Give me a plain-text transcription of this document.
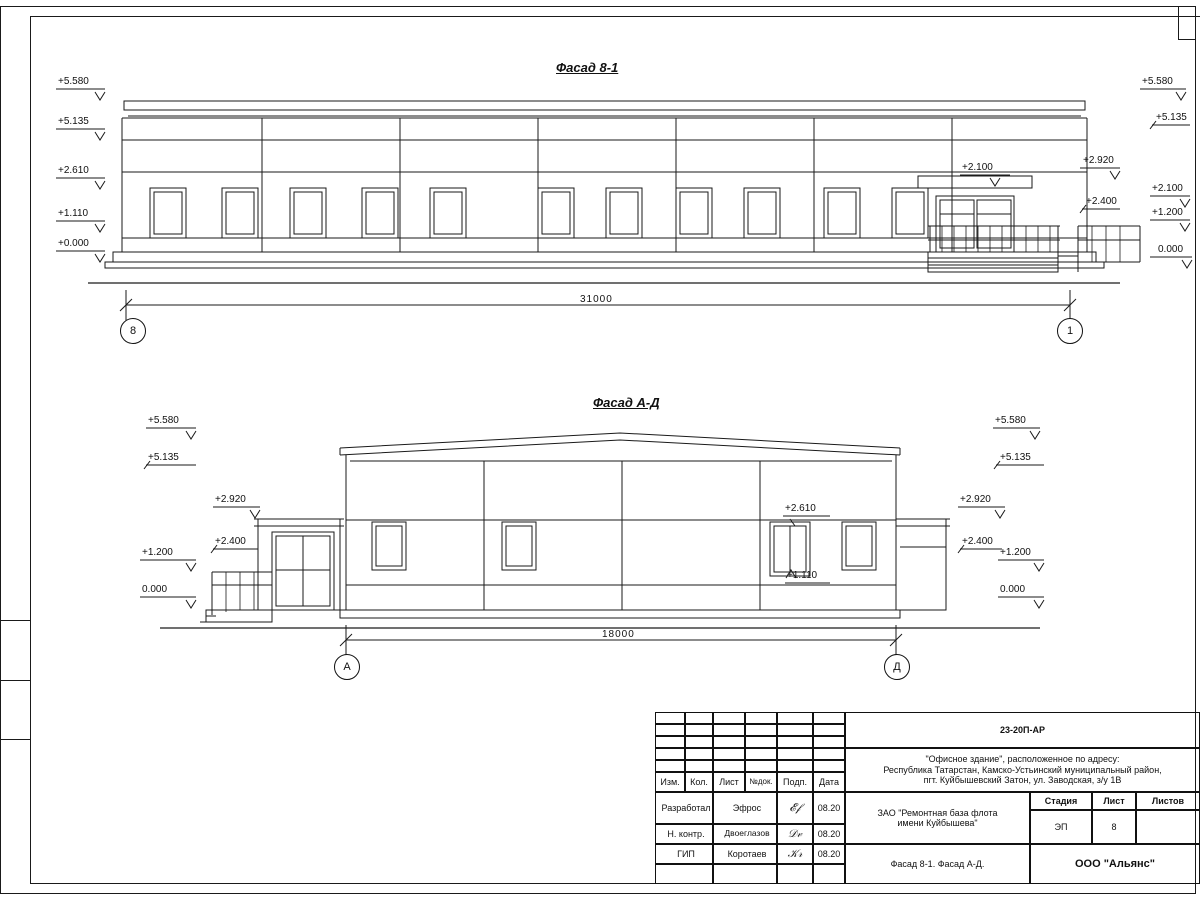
Фасад 8-1
+5.580
+5.135
+2.610
+1.110
+0.000
+5.580
+5.135
+2.920
+2.400
+2.100
+1.200
0.000
+2.100
31000
8	1
Фасад А-Д
+5.580
+5.135
+2.920
+2.400
+1.200
0.000
+5.580
+5.135
+2.920
+2.400
+1.200
0.000
+2.610
+1.110
18000
А	Д
23-20П-АР
"Офисное здание", расположенное по адресу:
Республика Татарстан, Камско-Устьинский муниципальный район,
пгт. Куйбышевский Затон, ул. Заводская, з/у 1В
Изм.	Кол.	Лист	№док.	Подп.	Дата
Разработал	Эфрос	𝓔𝒻	08.20	ЗАО "Ремонтная база флота
имени Куйбышева"
Стадия	Лист	Листов
ЭП	8
Н. контр.	Двоеглазов	𝒟𝓋	08.20
ГИП	Коротаев	𝒦𝓇	08.20
Фасад 8-1. Фасад А-Д.	ООО "Альянс"
